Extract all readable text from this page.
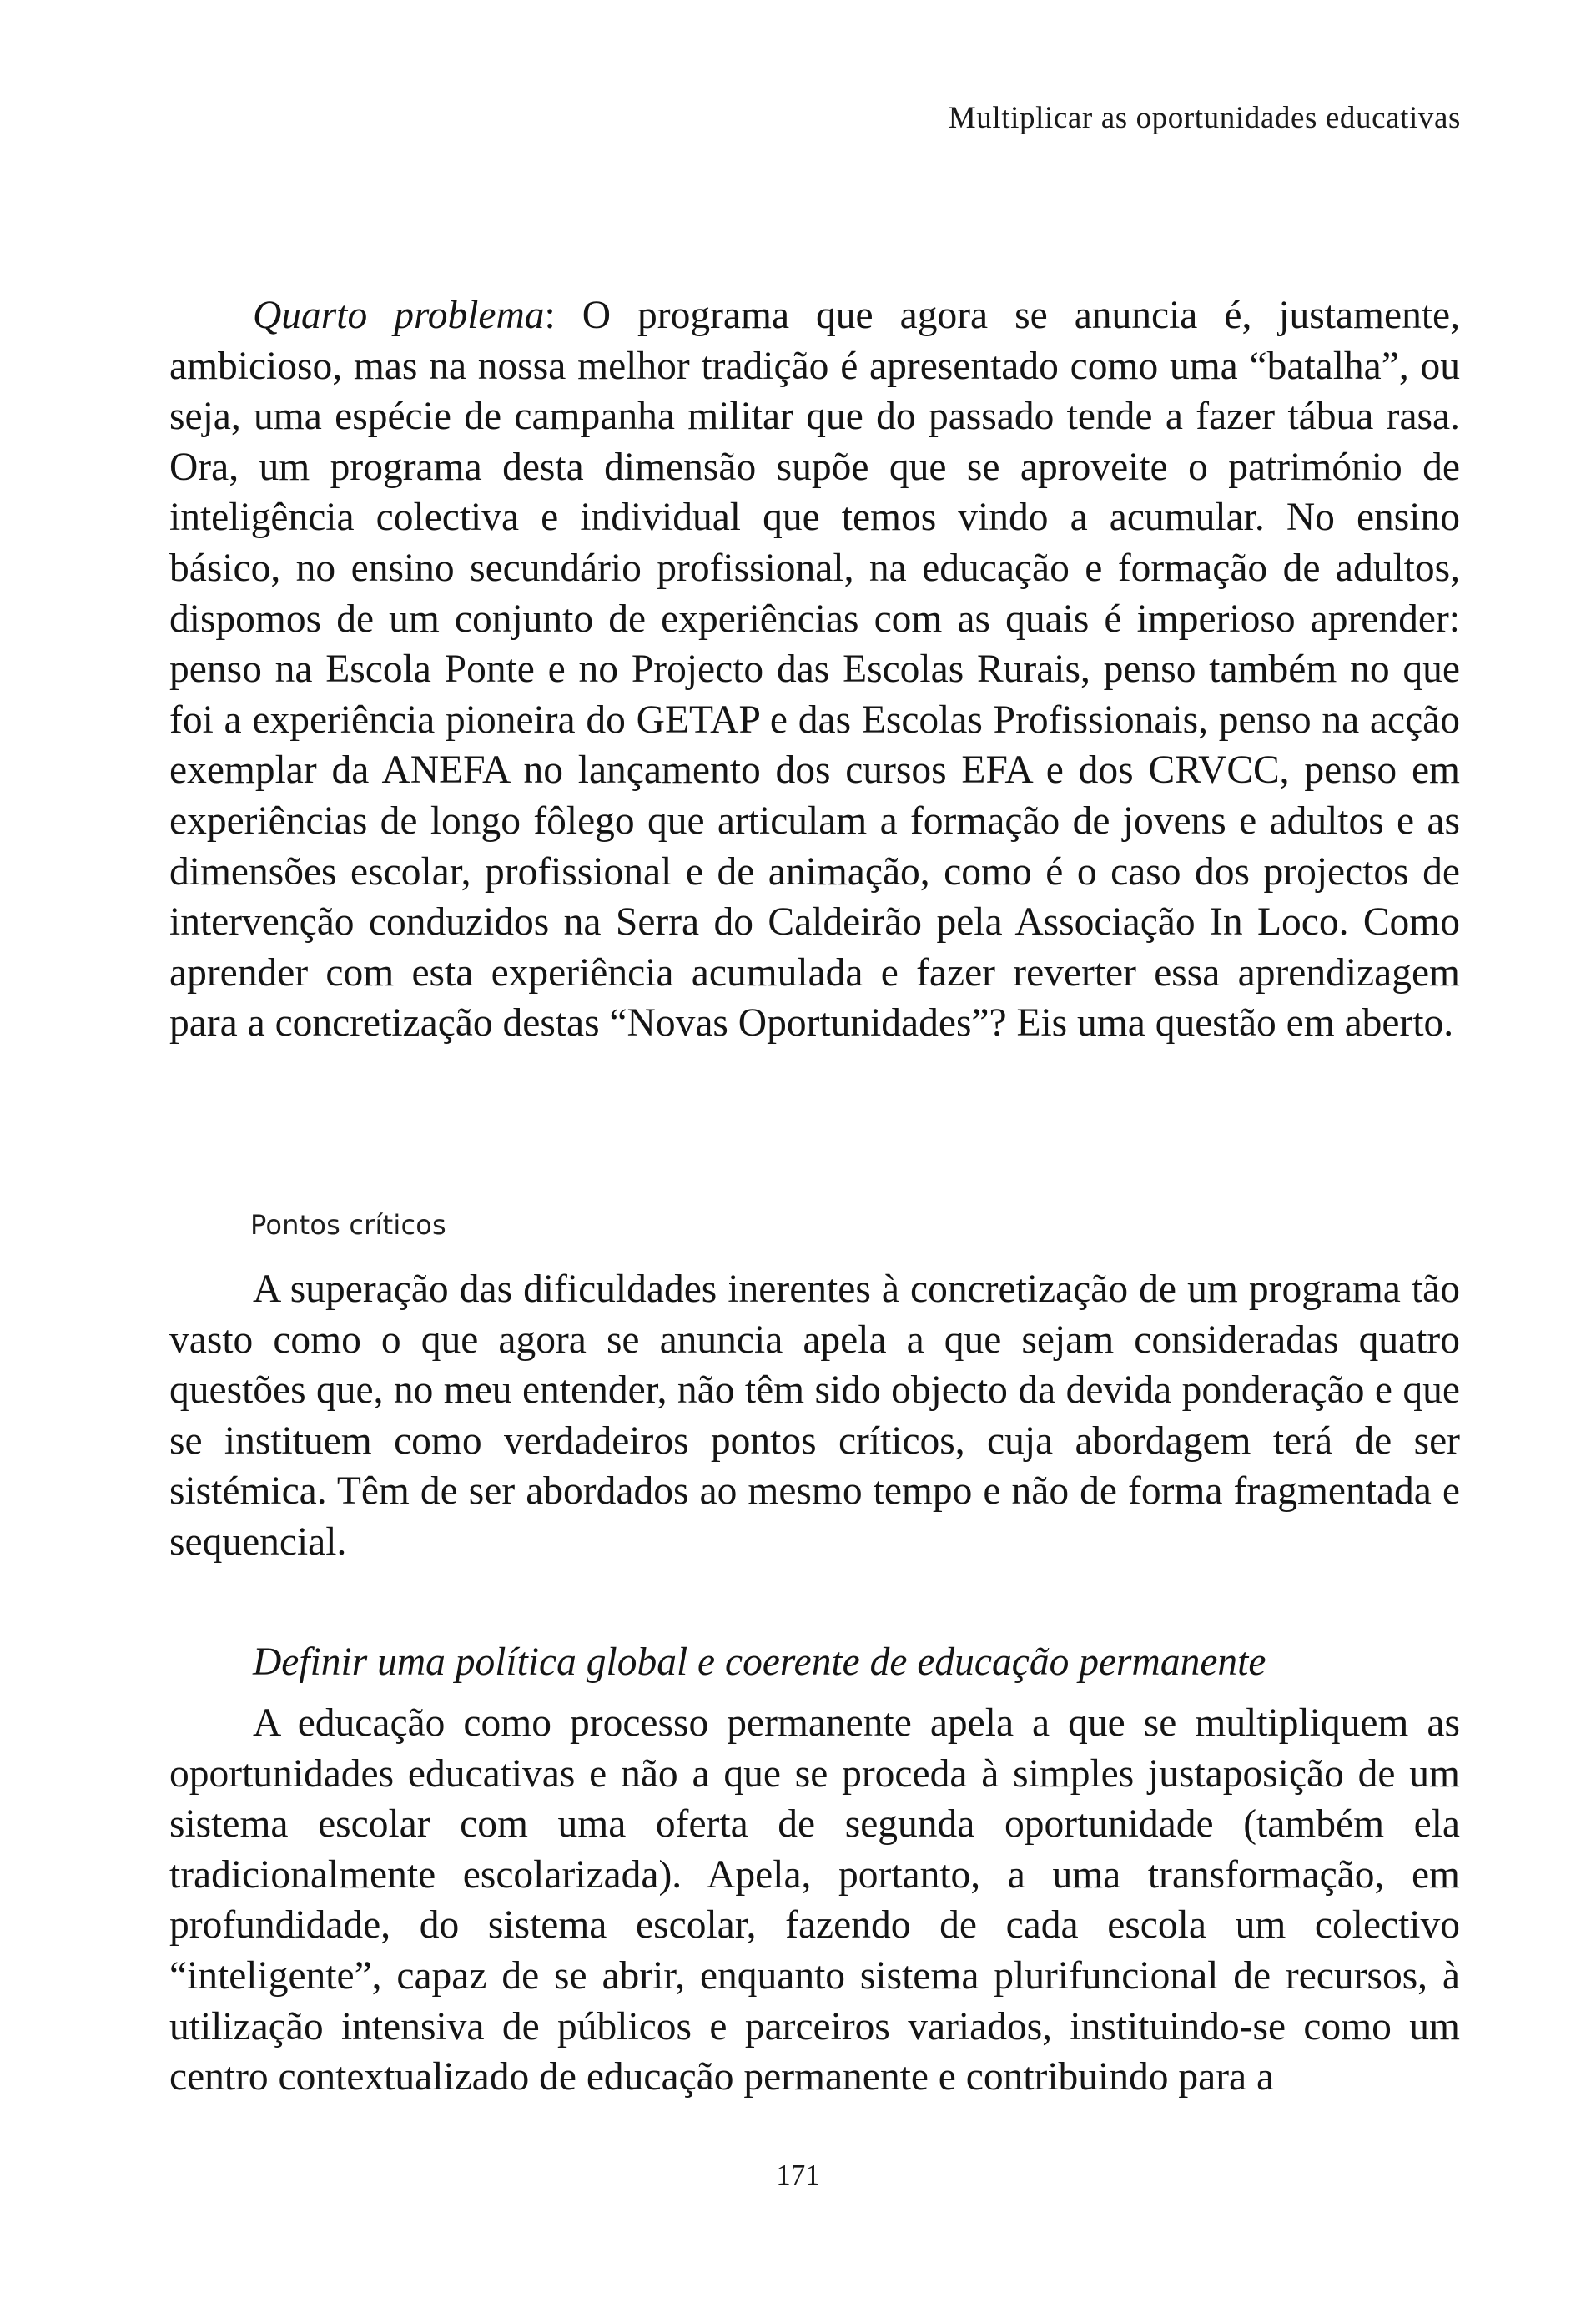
Multiplicar as oportunidades educativas

Quarto problema: O programa que agora se anuncia é, justamente, ambicioso, mas na nossa melhor tradição é apresentado como uma “batalha”, ou seja, uma espécie de campanha militar que do passado tende a fazer tábua rasa. Ora, um programa desta dimensão supõe que se aproveite o património de inteligência colectiva e individual que temos vindo a acumular. No ensino básico, no ensino secundário profissional, na educação e formação de adultos, dispomos de um conjunto de experiências com as quais é imperioso aprender: penso na Escola Ponte e no Projecto das Escolas Rurais, penso também no que foi a experiência pioneira do GETAP e das Escolas Profissionais, penso na acção exemplar da ANEFA no lançamento dos cursos EFA e dos CRVCC, penso em experiências de longo fôlego que articulam a formação de jovens e adultos e as dimensões escolar, profissional e de animação, como é o caso dos projectos de intervenção conduzidos na Serra do Caldeirão pela Associação In Loco. Como aprender com esta experiência acumulada e fazer reverter essa aprendizagem para a concretização destas “Novas Oportunidades”? Eis uma questão em aberto.

Pontos críticos

A superação das dificuldades inerentes à concretização de um programa tão vasto como o que agora se anuncia apela a que sejam consideradas quatro questões que, no meu entender, não têm sido objecto da devida ponderação e que se instituem como verdadeiros pontos críticos, cuja abordagem terá de ser sistémica. Têm de ser abordados ao mesmo tempo e não de forma fragmentada e sequencial.

Definir uma política global e coerente de educação permanente

A educação como processo permanente apela a que se multipliquem as oportunidades educativas e não a que se proceda à simples justaposição de um sistema escolar com uma oferta de segunda oportunidade (também ela tradicionalmente escolarizada). Apela, portanto, a uma transformação, em profundidade, do sistema escolar, fazendo de cada escola um colectivo “inteligente”, capaz de se abrir, enquanto sistema plurifuncional de recursos, à utilização intensiva de públicos e parceiros variados, instituindo-se como um centro contextualizado de educação permanente e contribuindo para a

171
